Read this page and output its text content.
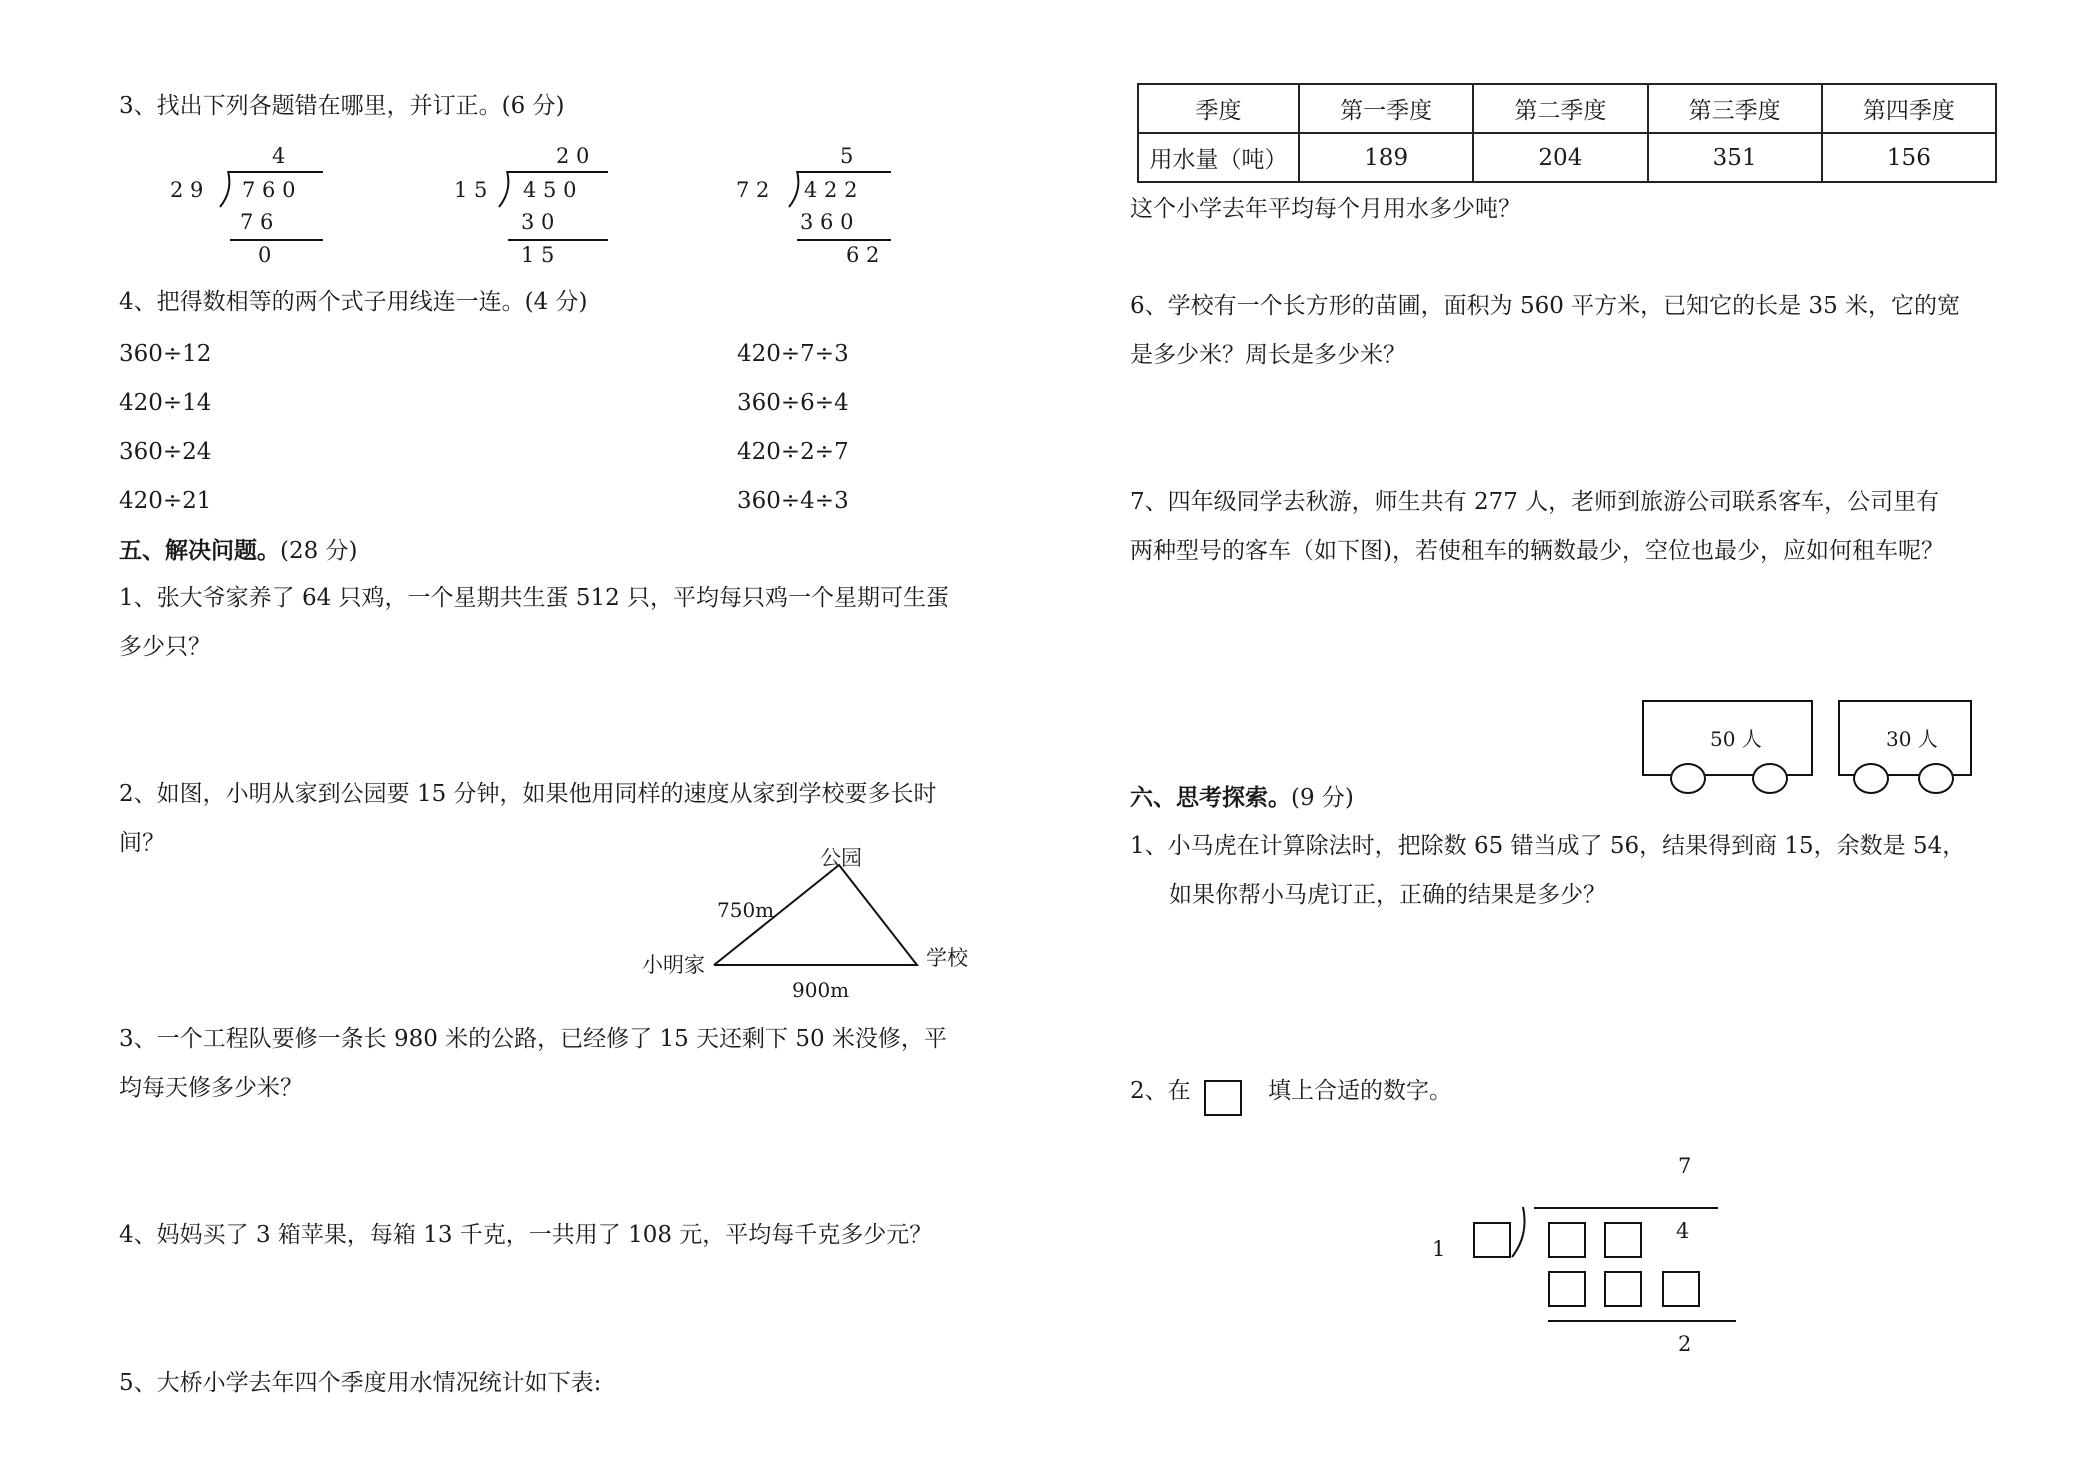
3、找出下列各题错在哪里，并订正。(6 分)
4
2 9 7 6 0
7 6
0
2 0
1 5 4 5 0
3 0
1 5
5
7 2 4 2 2
3 6 0
6 2
4、把得数相等的两个式子用线连一连。(4 分)
360÷12
420÷14
360÷24
420÷21
420÷7÷3
360÷6÷4
420÷2÷7
360÷4÷3
五、解决问题。(28 分)
1、张大爷家养了 64 只鸡，一个星期共生蛋 512 只，平均每只鸡一个星期可生蛋
多少只？
2、如图，小明从家到公园要 15 分钟，如果他用同样的速度从家到学校要多长时
间？
公园
小明家	学校
750m
900m
3、一个工程队要修一条长 980 米的公路，已经修了 15 天还剩下 50 米没修，平
均每天修多少米？
4、妈妈买了 3 箱苹果，每箱 13 千克，一共用了 108 元，平均每千克多少元？
5、大桥小学去年四个季度用水情况统计如下表:
季度	第一季度	第二季度	第三季度	第四季度
用水量（吨）	189	204	351	156
这个小学去年平均每个月用水多少吨？
6、学校有一个长方形的苗圃，面积为 560 平方米，已知它的长是 35 米，它的宽
是多少米？周长是多少米？
7、四年级同学去秋游，师生共有 277 人，老师到旅游公司联系客车，公司里有
两种型号的客车（如下图)，若使租车的辆数最少，空位也最少，应如何租车呢？
50 人	30 人
六、思考探索。(9 分)
1、小马虎在计算除法时，把除数 65 错当成了 56，结果得到商 15，余数是 54，
如果你帮小马虎订正，正确的结果是多少？
2、在	填上合适的数字。
7
1
4
2
